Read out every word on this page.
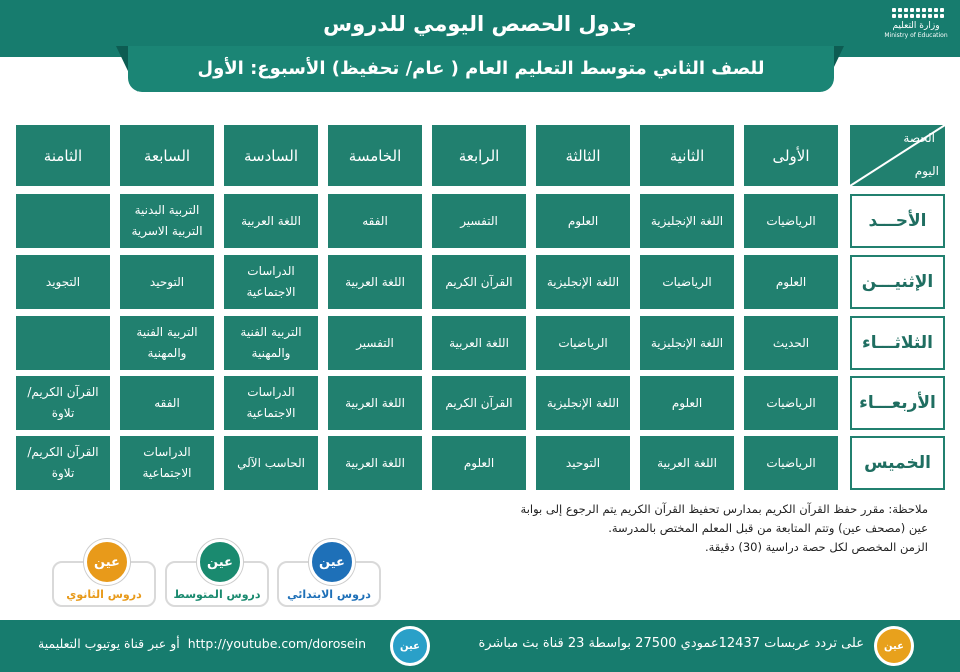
جدول الحصص اليومي للدروس	وزارة التعليم
Ministry of Education
للصف الثاني متوسط التعليم العام ( عام/ تحفيظ) الأسبوع: الأول
الحصة
اليوم
الأولى
الثانية
الثالثة
الرابعة
الخامسة
السادسة
السابعة
الثامنة
الأحـــد
الرياضيات
اللغة الإنجليزية
العلوم
التفسير
الفقه
اللغة العربية
التربية البدنية
التربية الاسرية
الإثنيـــن
العلوم
الرياضيات
اللغة الإنجليزية
القرآن الكريم
اللغة العربية
الدراسات
الاجتماعية
التوحيد
التجويد
الثلاثـــاء
الحديث
اللغة الإنجليزية
الرياضيات
اللغة العربية
التفسير
التربية الفنية
والمهنية
التربية الفنية
والمهنية
الأربعـــاء
الرياضيات
العلوم
اللغة الإنجليزية
القرآن الكريم
اللغة العربية
الدراسات
الاجتماعية
الفقه
القرآن الكريم/
تلاوة
الخميس
الرياضيات
اللغة العربية
التوحيد
العلوم
اللغة العربية
الحاسب الآلي
الدراسات
الاجتماعية
القرآن الكريم/
تلاوة
ملاحظة: مقرر حفظ القرآن الكريم بمدارس تحفيظ القرآن الكريم يتم الرجوع إلى بوابة
عين (مصحف عين) وتتم المتابعة من قبل المعلم المختص بالمدرسة.
الزمن المخصص لكل حصة دراسية (30) دقيقة.
عين
دروس الابتدائي
عين
دروس المتوسط
عين
دروس الثانوي
عين
على تردد عربسات 12437عمودي 27500 بواسطة 23 قناة بث مباشرة
عين
http://youtube.com/dorosein  أو عبر قناة يوتيوب التعليمية
